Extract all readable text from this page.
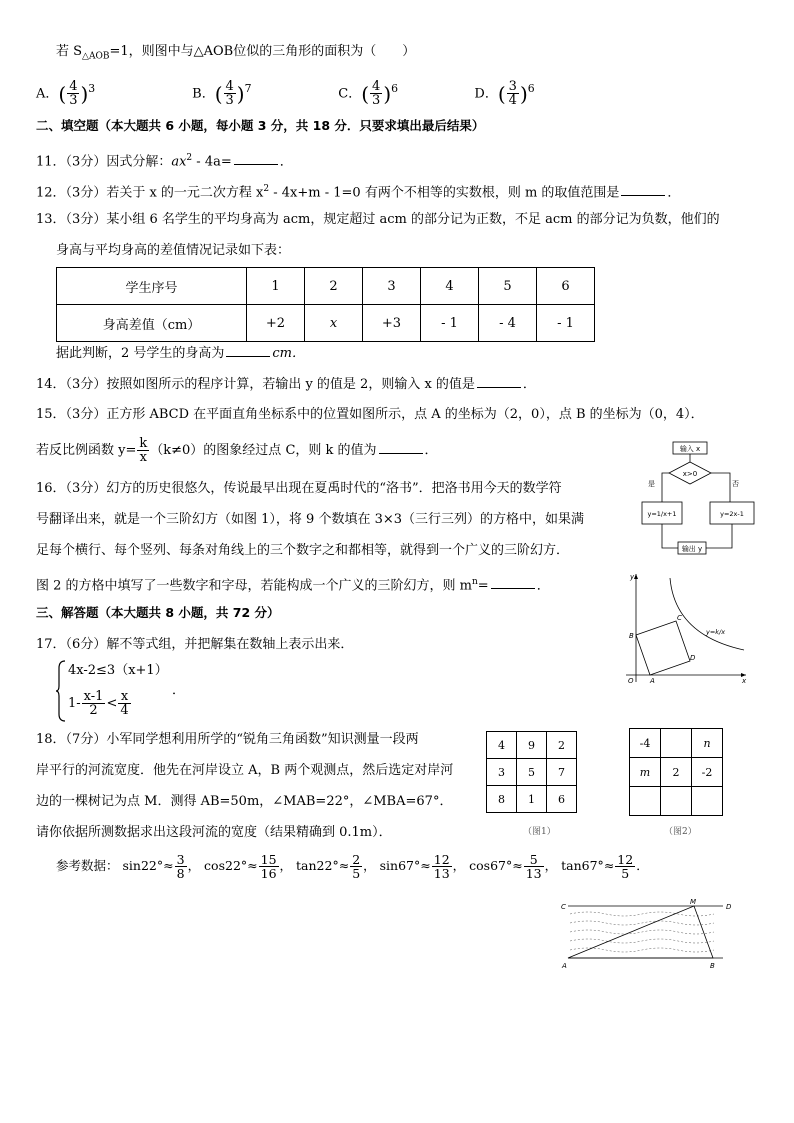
若 $S_{\triangle AOB}=1$，则图中与△AOB位似的三角形的面积为（　　）
A．( $\frac{4}{3} )^3$	B．( $\frac{4}{3} )^7$	C．( $\frac{4}{3} )^6$	D．( $\frac{3}{4} )^6$
二、填空题（本大题共 6 小题，每小题 3 分，共 18 分．只要求填出最后结果）
11．（3分）因式分解：$ax^2 - 4a=$	．
12．（3分）若关于 x 的一元二次方程 $x^2 - 4x+m - 1=0$ 有两个不相等的实数根，则 m 的取值范围是	．
13．（3分）某小组 6 名学生的平均身高为 acm，规定超过 acm 的部分记为正数，不足 acm 的部分记为负数，他们的
身高与平均身高的差值情况记录如下表：
学生序号	1	2	3	4	5	6
身高差值（cm）	+2	x	+3	- 1	- 4	- 1
据此判断，2 号学生的身高为	cm．
14．（3分）按照如图所示的程序计算，若输出 y 的值是 2，则输入 x 的值是	．
15．（3分）正方形 ABCD 在平面直角坐标系中的位置如图所示，点 A 的坐标为（2，0），点 B 的坐标为（0，4）．
若反比例函数 $y= \frac{k}{x} (k\ne 0)$的图象经过点 C，则 k 的值为	．
16．（3分）幻方的历史很悠久，传说最早出现在夏禹时代的“洛书”．把洛书用今天的数学符
号翻译出来，就是一个三阶幻方（如图 1），将 9 个数填在 3×3（三行三列）的方格中，如果满
足每个横行、每个竖列、每条对角线上的三个数字之和都相等，就得到一个广义的三阶幻方．
图 2 的方格中填写了一些数字和字母，若能构成一个广义的三阶幻方，则 $m^n=$	．
三、解答题（本大题共 8 小题，共 72 分）
17．（6分）解不等式组，并把解集在数轴上表示出来．
4x-2≤3（x+1）
$1- \frac{x-1}{2} < \frac{x}{4}$	．
18．（7分）小军同学想利用所学的“锐角三角函数”知识测量一段两
岸平行的河流宽度．他先在河岸设立 A，B 两个观测点，然后选定对岸河
边的一棵树记为点 M．测得 AB=50m，∠MAB=22°，∠MBA=67°．
请你依据所测数据求出这段河流的宽度（结果精确到 0.1m）．
参考数据： $\sin 22^\circ\approx \frac{3}{8}$ ， $\cos 22^\circ\approx \frac{15}{16}$ ， $\tan 22^\circ\approx \frac{2}{5}$ ， $\sin 67^\circ\approx \frac{12}{13}$ ， $\cos 67^\circ\approx \frac{5}{13}$ ， $\tan 67^\circ\approx \frac{12}{5}$ ．
输入 x
x>0
是	否
y=1/x+1	y=2x-1
输出 y
y
x
O A
B
C
D
y=k/x
4	9	2
3	5	7
8	1	6
（图1）
-4		n
m	2	-2

（图2）
C	D
M
A	B
